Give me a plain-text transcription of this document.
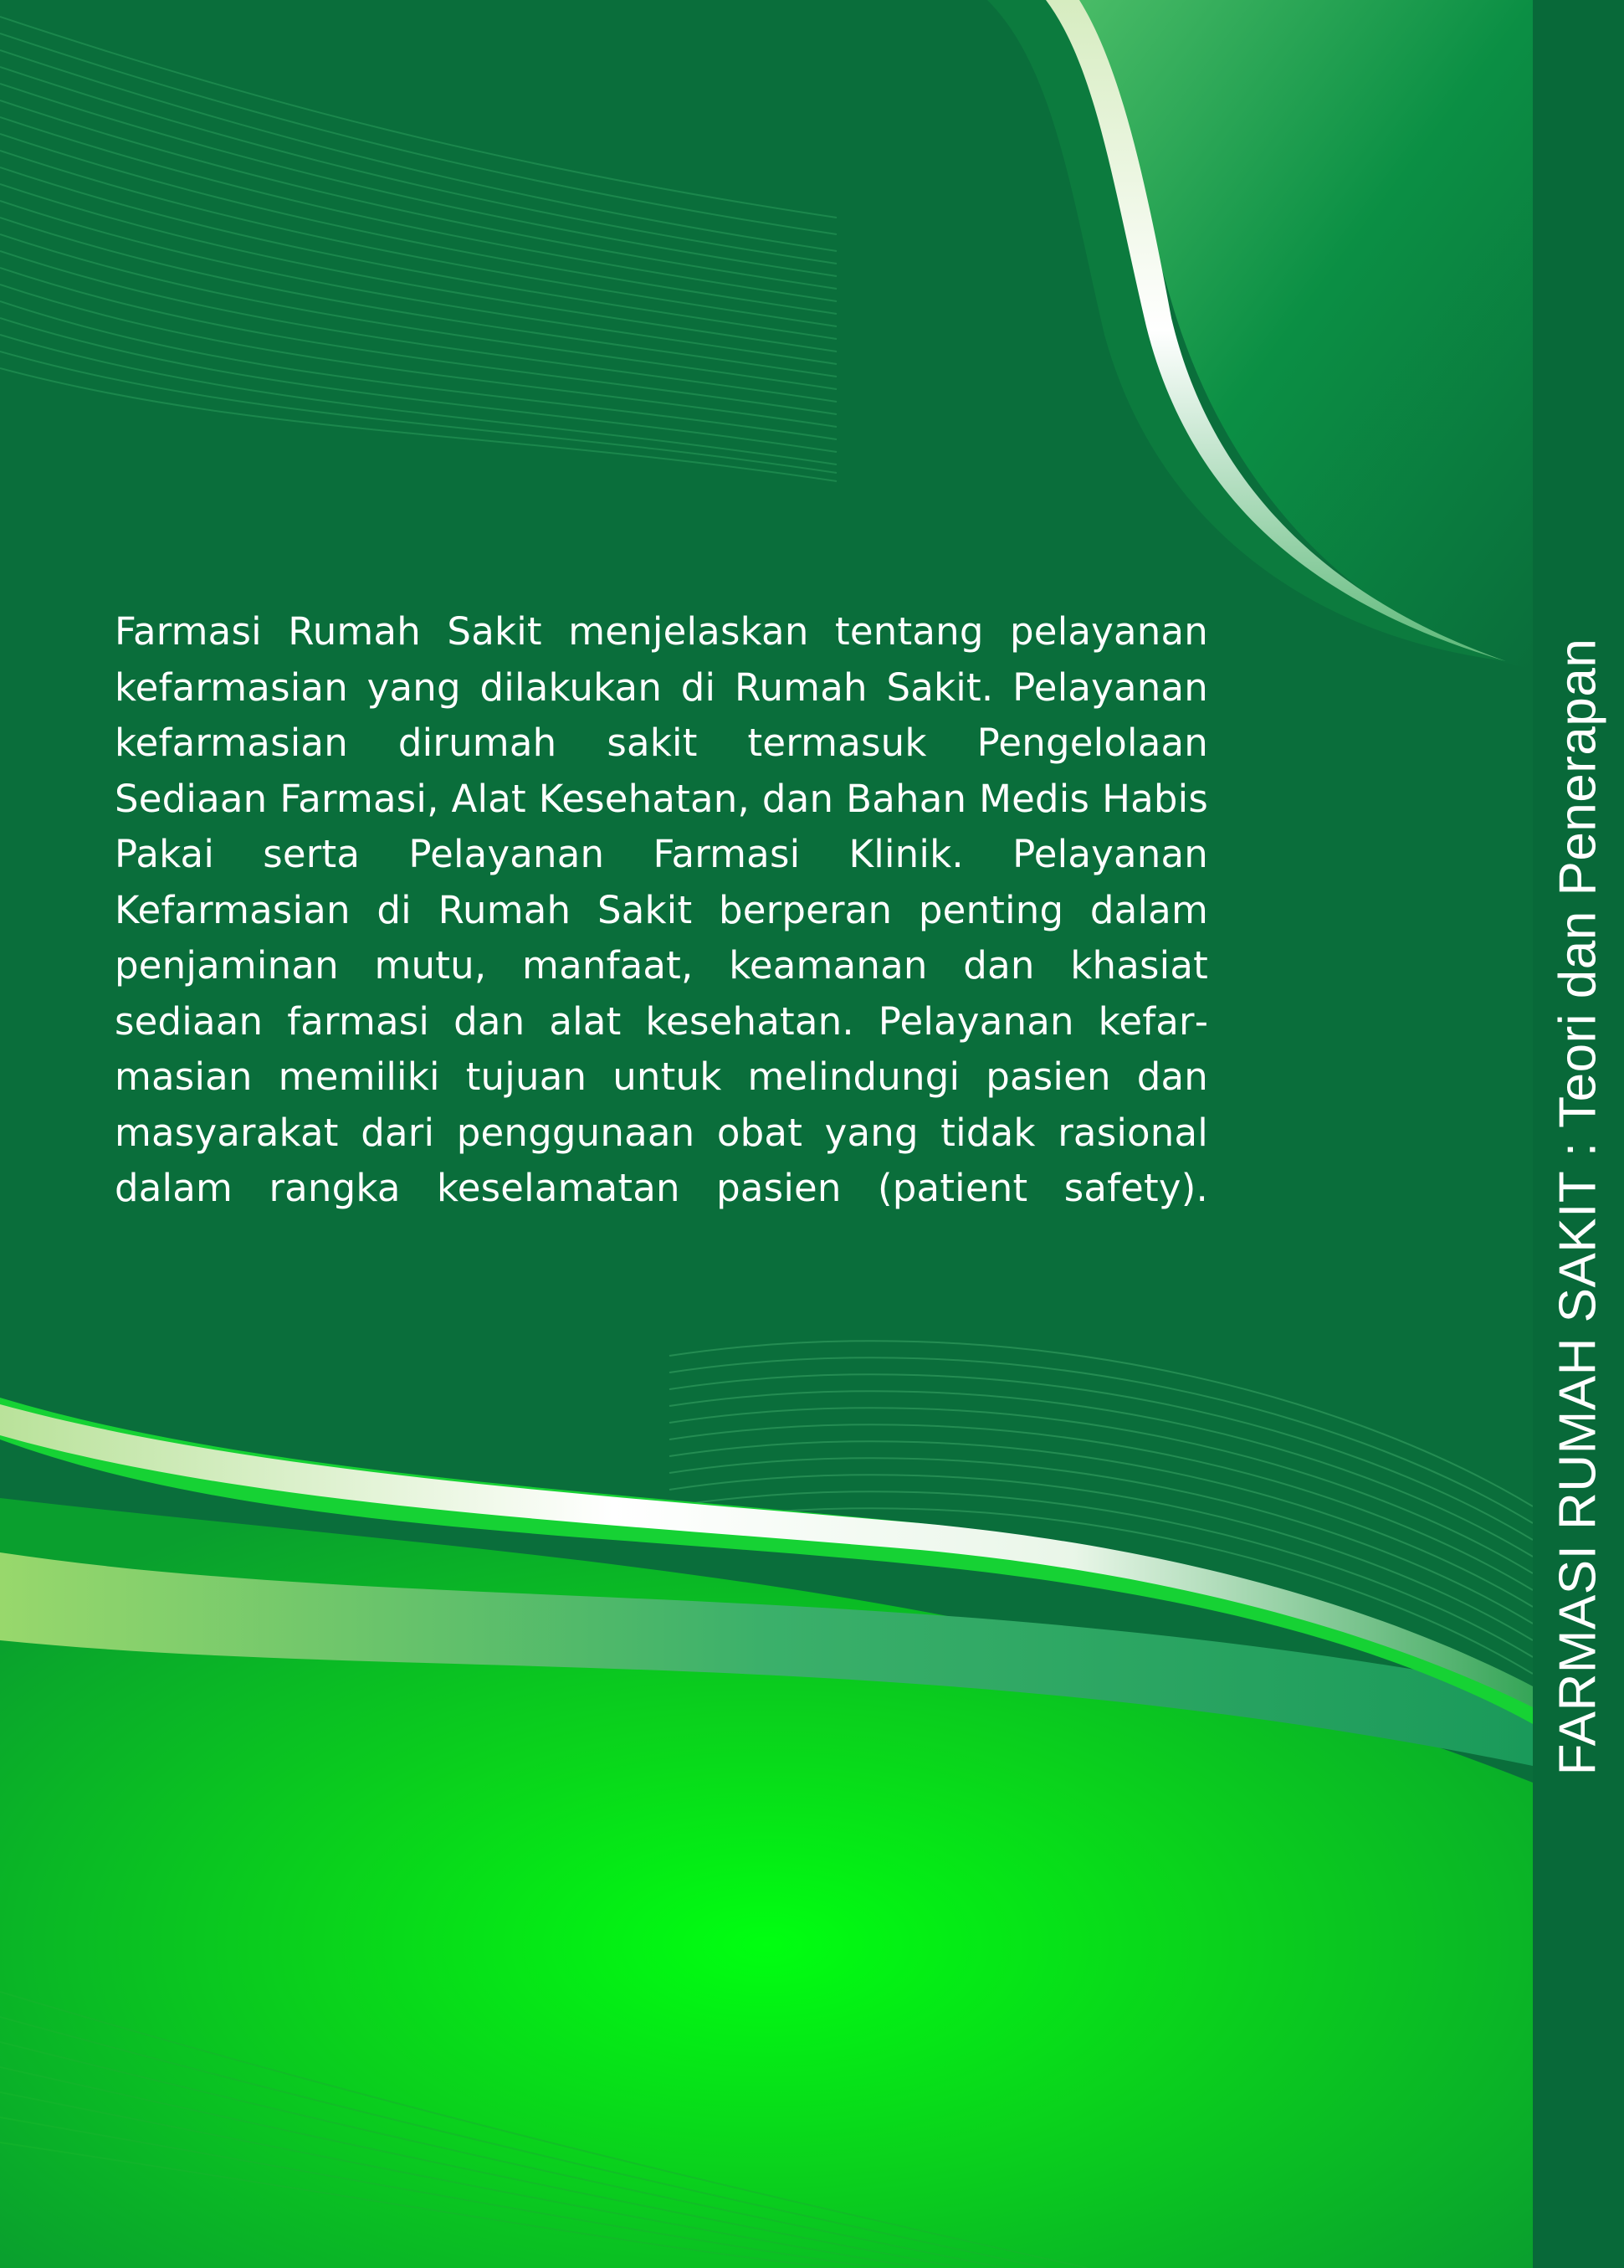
Farmasi Rumah Sakit menjelaskan tentang pelayanan kefarmasian yang dilakukan di Rumah Sakit. Pelayanan kefarmasian dirumah sakit termasuk Pengelolaan Sediaan Farmasi, Alat Kesehatan, dan Bahan Medis Habis Pakai serta Pelayanan Farmasi Klinik. Pelayanan Kefarmasian di Rumah Sakit berperan penting dalam penjaminan mutu, manfaat, keamanan dan khasiat sediaan farmasi dan alat kesehatan. Pelayanan kefarmasian memiliki tujuan untuk melindungi pasien dan masyarakat dari penggunaan obat yang tidak rasional dalam rangka keselamatan pasien (patient safety).	FARMASI RUMAH SAKIT : Teori dan Penerapan
